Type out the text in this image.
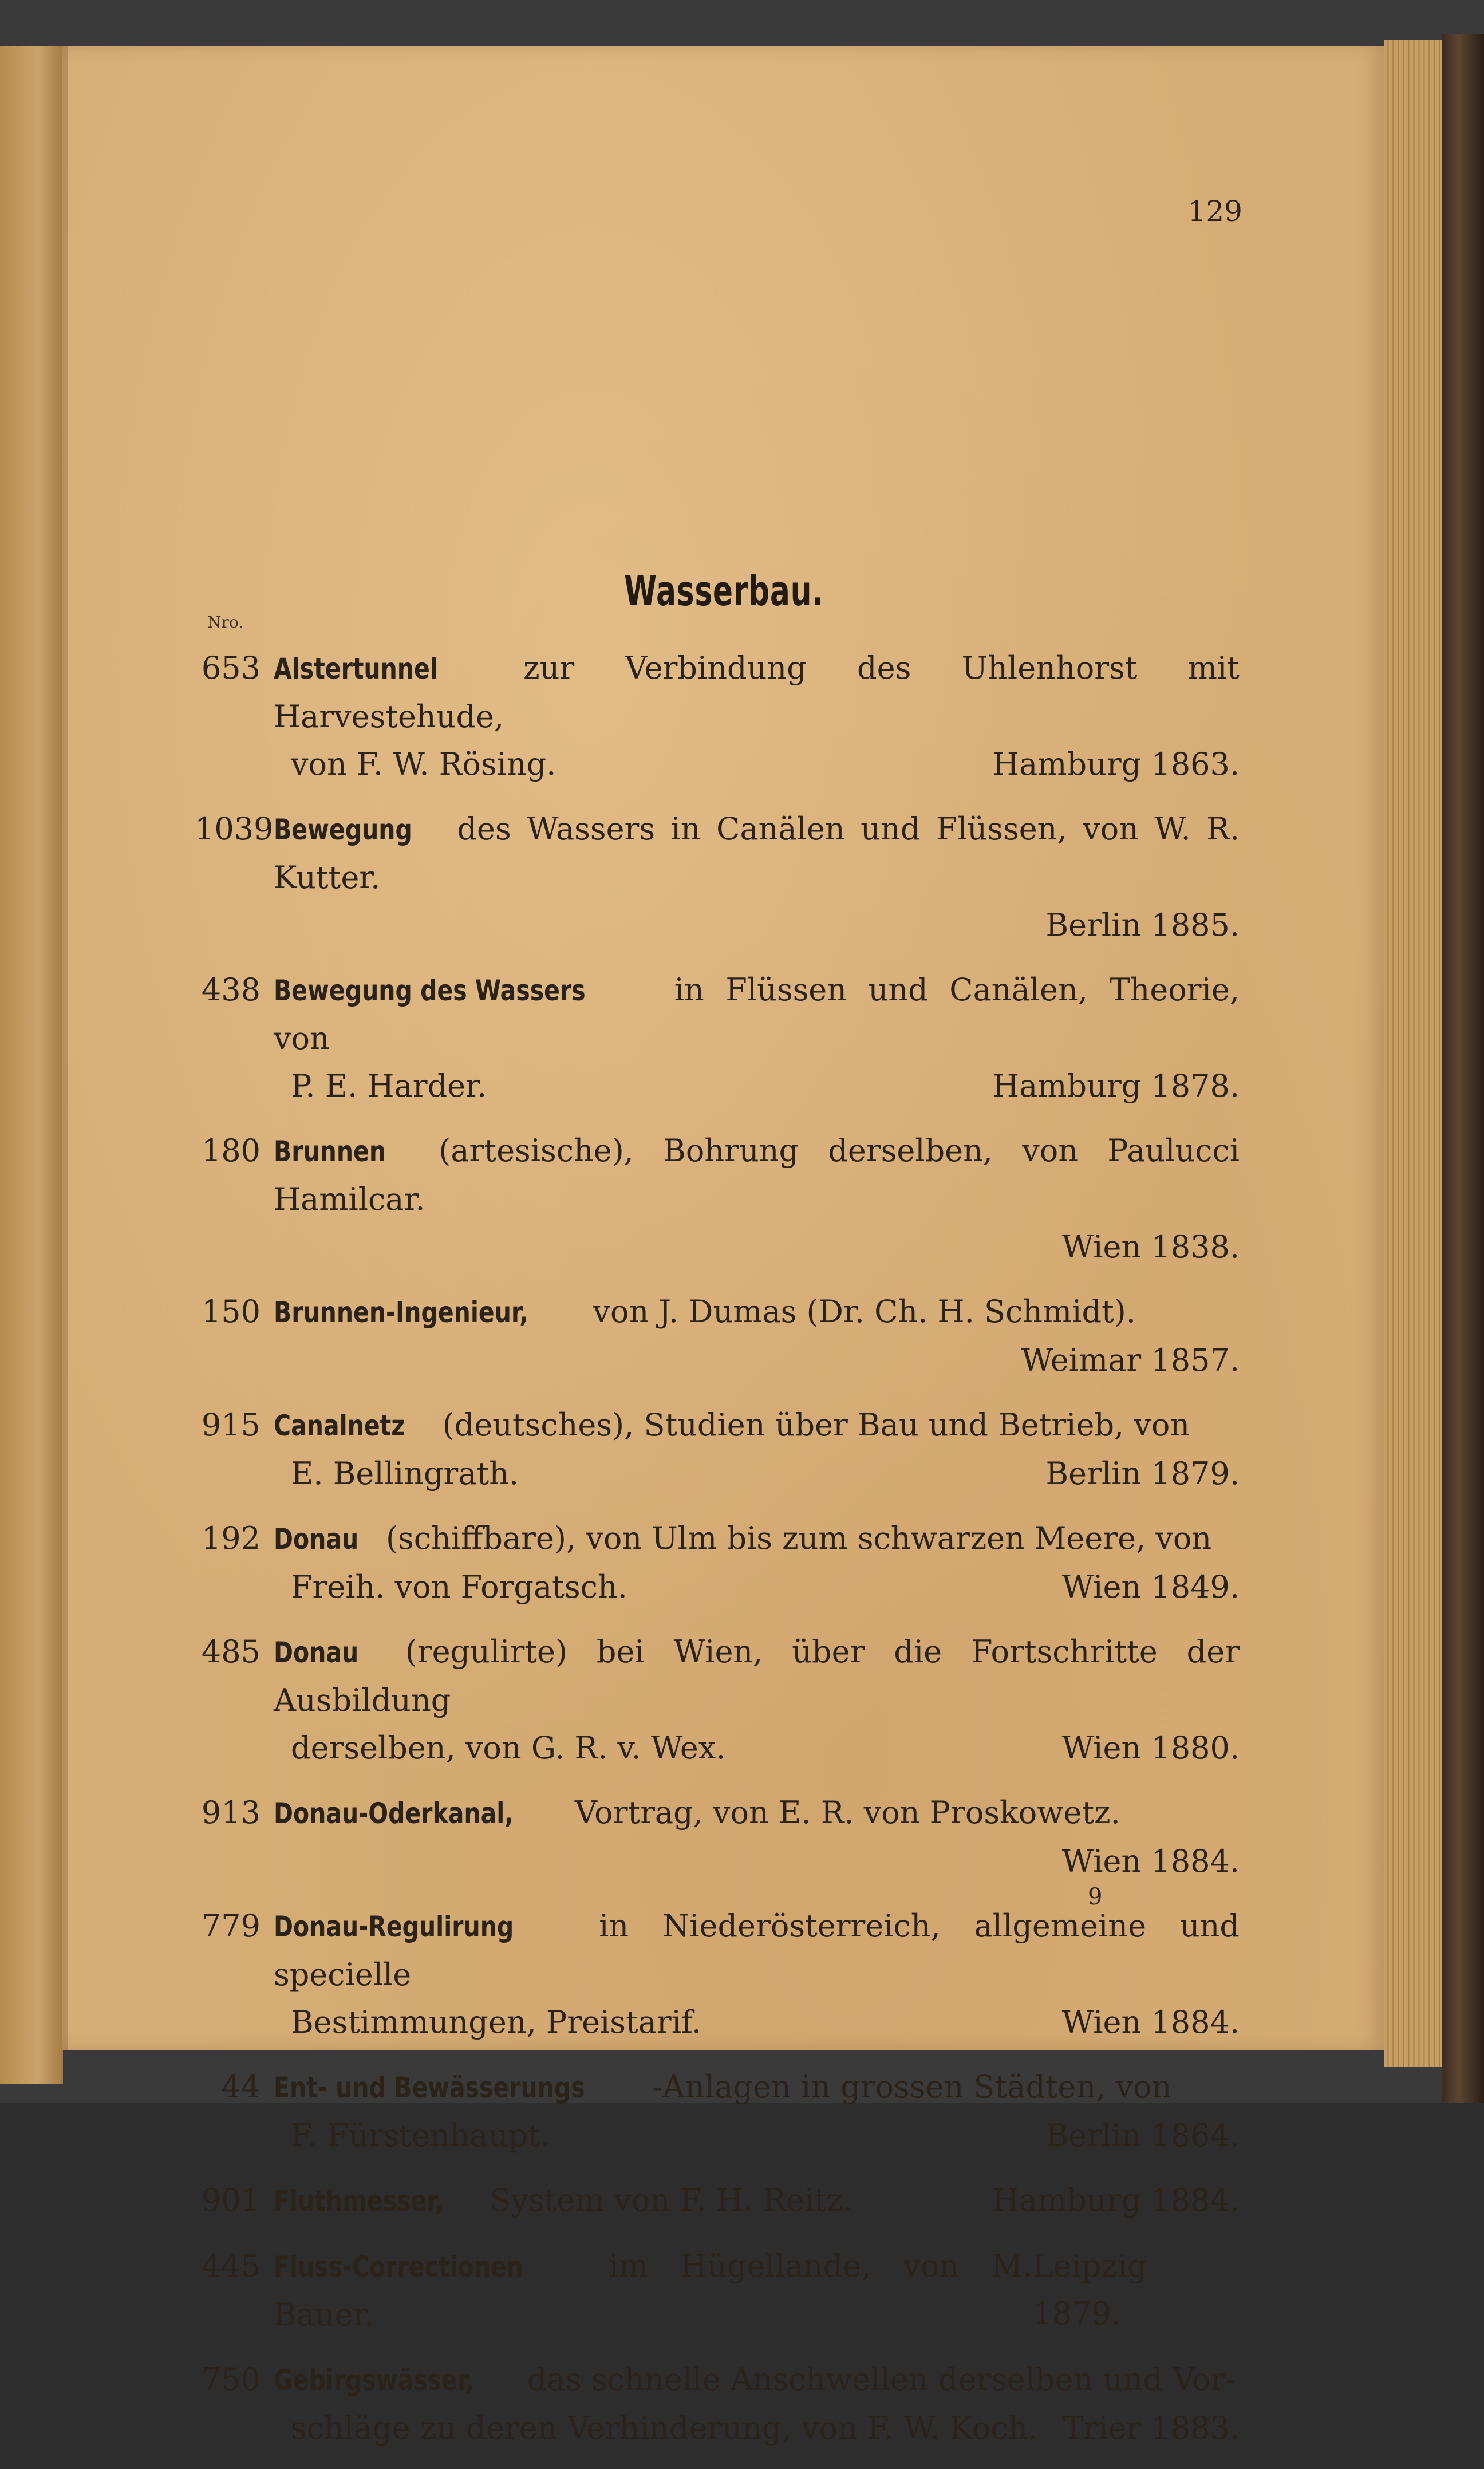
129
Wasserbau.
Nro.
653 Alstertunnel zur Verbindung des Uhlenhorst mit Harvestehude,
von F. W. Rösing.	Hamburg 1863.
1039 Bewegung des Wassers in Canälen und Flüssen, von W. R. Kutter.
Berlin 1885.
438 Bewegung des Wassers in Flüssen und Canälen, Theorie, von
P. E. Harder.	Hamburg 1878.
180 Brunnen (artesische), Bohrung derselben, von Paulucci Hamilcar.
Wien 1838.
150 Brunnen-Ingenieur, von J. Dumas (Dr. Ch. H. Schmidt).
Weimar 1857.
915 Canalnetz (deutsches), Studien über Bau und Betrieb, von
E. Bellingrath.	Berlin 1879.
192 Donau (schiffbare), von Ulm bis zum schwarzen Meere, von
Freih. von Forgatsch.	Wien 1849.
485 Donau (regulirte) bei Wien, über die Fortschritte der Ausbildung
derselben, von G. R. v. Wex.	Wien 1880.
913 Donau-Oderkanal, Vortrag, von E. R. von Proskowetz.
Wien 1884.
779 Donau-Regulirung in Niederösterreich, allgemeine und specielle
Bestimmungen, Preistarif.	Wien 1884.
44 Ent- und Bewässerungs -Anlagen in grossen Städten, von
F. Fürstenhaupt.	Berlin 1864.
901 Fluthmesser, System von F. H. Reitz.	Hamburg 1884.
445 Fluss-Correctionen im Hügellande, von M. Bauer.
Leipzig 1879.
750 Gebirgswässer, das schnelle Anschwellen derselben und Vor-
schläge zu deren Verhinderung, von F. W. Koch. Trier 1883.
9
